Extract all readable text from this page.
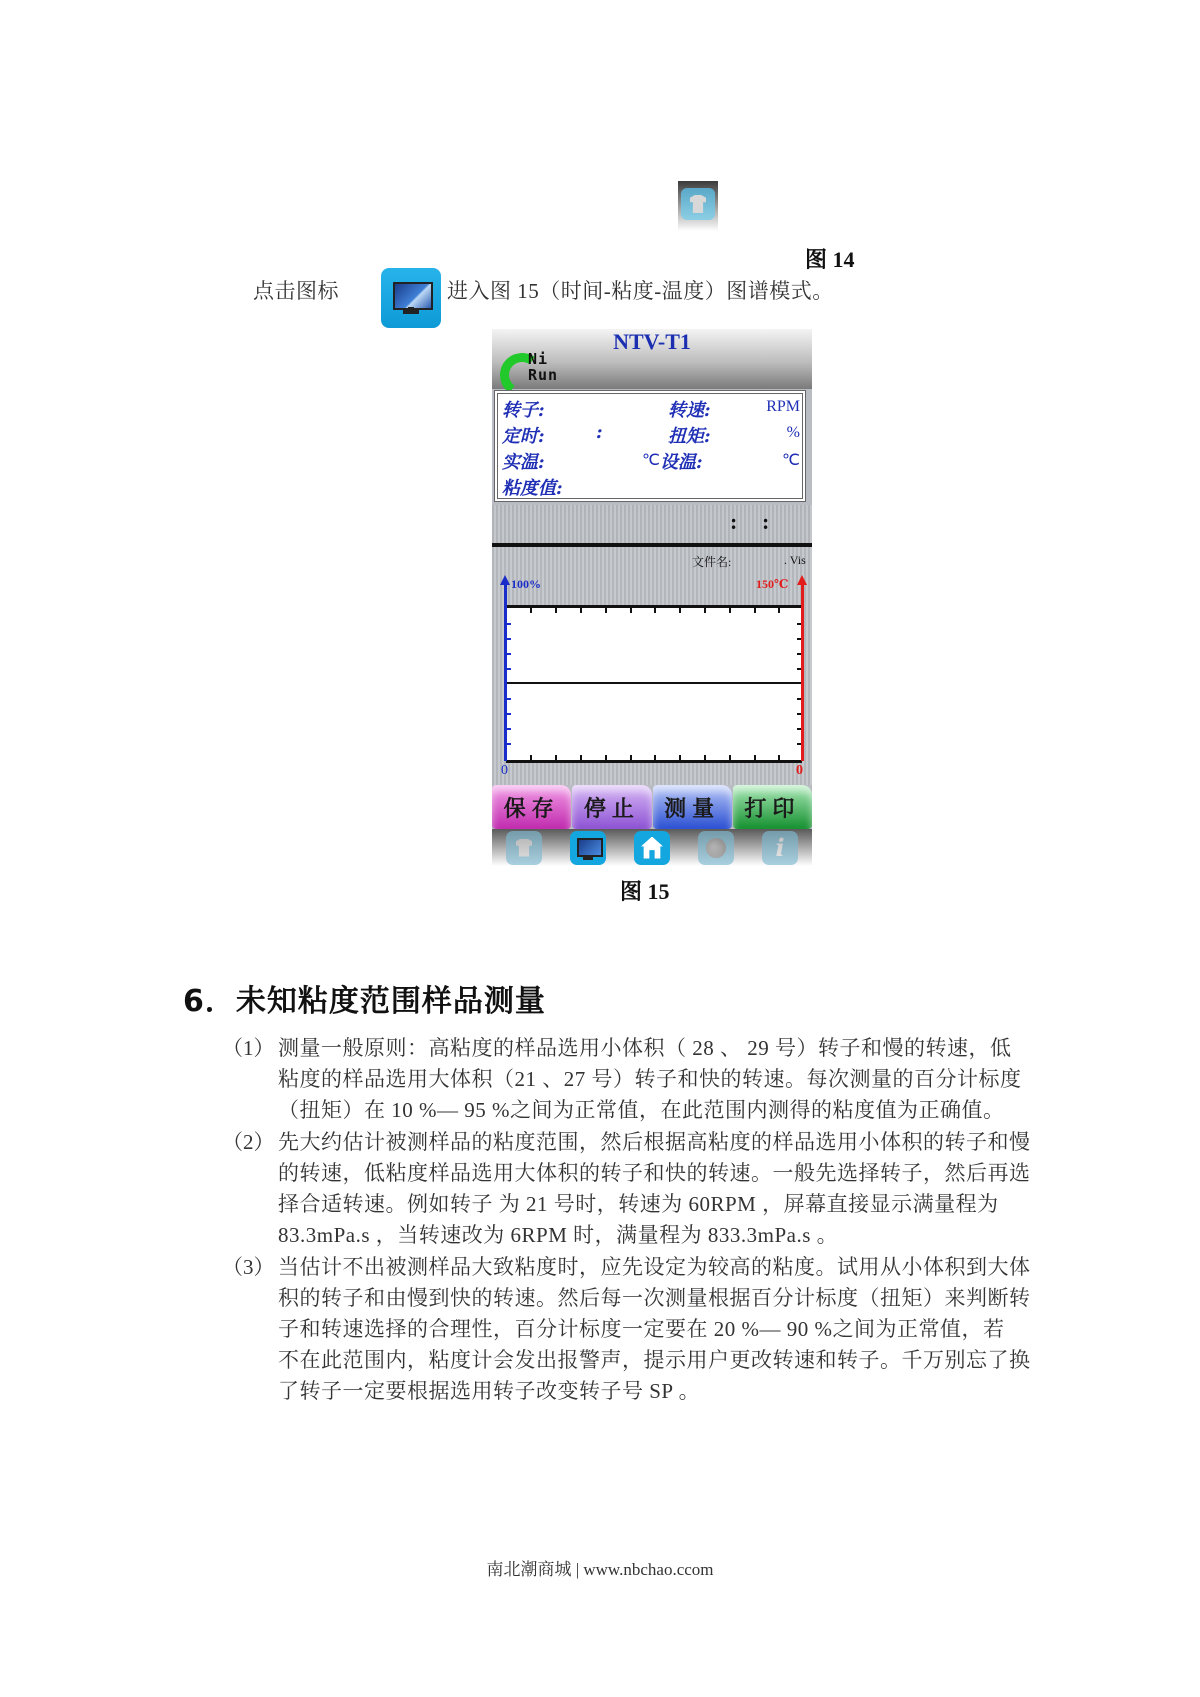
图 14
点击图标	进入图 15（时间-粘度-温度）图谱模式。
NTV-T1
Ni
Run
转子:	转速:	RPM
定时:	:	扭矩:	%
实温:	℃ 设温:	℃
粘度值:
: :
文件名:	. Vis
100%	150℃
0	0
保存	停止	测量	打印
i
图 15
6．未知粘度范围样品测量
（1） 测量一般原则：高粘度的样品选用小体积（ 28 、 29 号）转子和慢的转速，低
粘度的样品选用大体积（21 、27 号）转子和快的转速。每次测量的百分计标度
（扭矩）在 10 %— 95 %之间为正常值，在此范围内测得的粘度值为正确值。
（2） 先大约估计被测样品的粘度范围，然后根据高粘度的样品选用小体积的转子和慢
的转速，低粘度样品选用大体积的转子和快的转速。一般先选择转子，然后再选
择合适转速。例如转子 为 21 号时，转速为 60RPM ，屏幕直接显示满量程为
83.3mPa.s ，当转速改为 6RPM 时，满量程为 833.3mPa.s 。
（3） 当估计不出被测样品大致粘度时，应先设定为较高的粘度。试用从小体积到大体
积的转子和由慢到快的转速。然后每一次测量根据百分计标度（扭矩）来判断转
子和转速选择的合理性，百分计标度一定要在 20 %— 90 %之间为正常值，若
不在此范围内，粘度计会发出报警声，提示用户更改转速和转子。千万别忘了换
了转子一定要根据选用转子改变转子号 SP 。
南北潮商城 | www.nbchao.ccom
